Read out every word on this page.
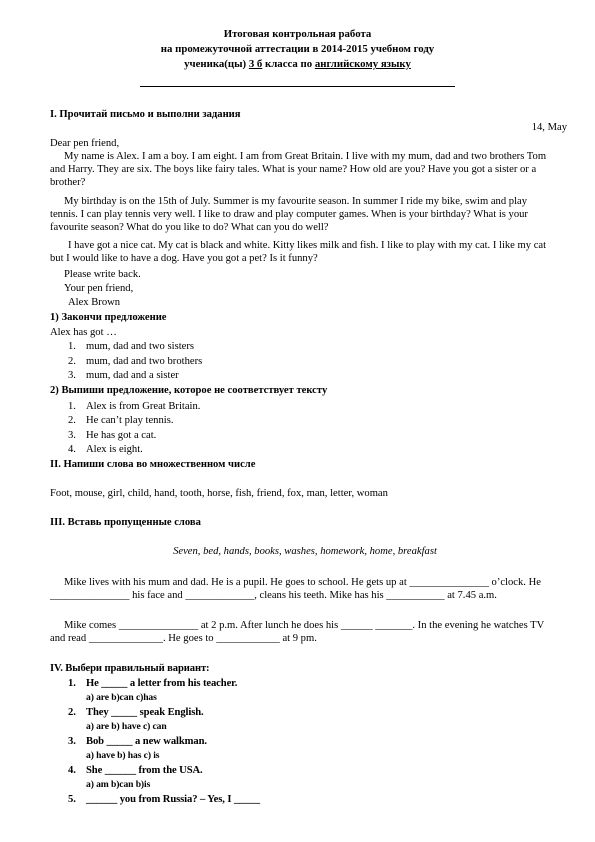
Итоговая контрольная работа
на промежуточной аттестации в 2014-2015 учебном году
ученика(цы) 3 б класса по английскому языку
I. Прочитай письмо и выполни задания
14, May
Dear pen friend,
My name is Alex. I am a boy. I am eight. I am from Great Britain. I live with my mum, dad and two brothers Tom and Harry. They are six. The boys like fairy tales. What is your name? How old are you? Have you got a sister or a brother?
My birthday is on the 15th of July. Summer is my favourite season. In summer I ride my bike, swim and play tennis. I can play tennis very well. I like to draw and play computer games. When is your birthday? What is your favourite season? What do you like to do? What can you do well?
I have got a nice cat. My cat is black and white. Kitty likes milk and fish. I like to play with my cat. I like my cat but I would like to have a dog. Have you got a pet? Is it funny?
Please write back.
Your pen friend,
Alex Brown
1) Закончи предложение
Alex has got …
1. mum, dad and two sisters
2. mum, dad and two brothers
3. mum, dad and a sister
2) Выпиши предложение, которое не соответствует тексту
1. Alex is from Great Britain.
2. He can’t play tennis.
3. He has got a cat.
4. Alex is eight.
II. Напиши слова во множественном числе
Foot, mouse, girl, child, hand, tooth, horse, fish, friend, fox, man, letter, woman
III. Вставь пропущенные слова
Seven, bed, hands, books, washes, homework, home, breakfast
Mike lives with his mum and dad. He is a pupil. He goes to school. He gets up at _______________ o’clock. He _______________ his face and _____________, cleans his teeth. Mike has his ___________ at 7.45 a.m.
Mike comes _______________ at 2 p.m. After lunch he does his ______ _______. In the evening he watches TV and read ______________. He goes to ____________ at 9 pm.
IV. Выбери правильный вариант:
1. He _____ a letter from his teacher.
a) are b)can c)has
2. They _____ speak English.
a) are b) have c) can
3. Bob _____ a new walkman.
a) have b) has c) is
4. She ______ from the USA.
a) am b)can b)is
5. ______ you from Russia? – Yes, I _____
